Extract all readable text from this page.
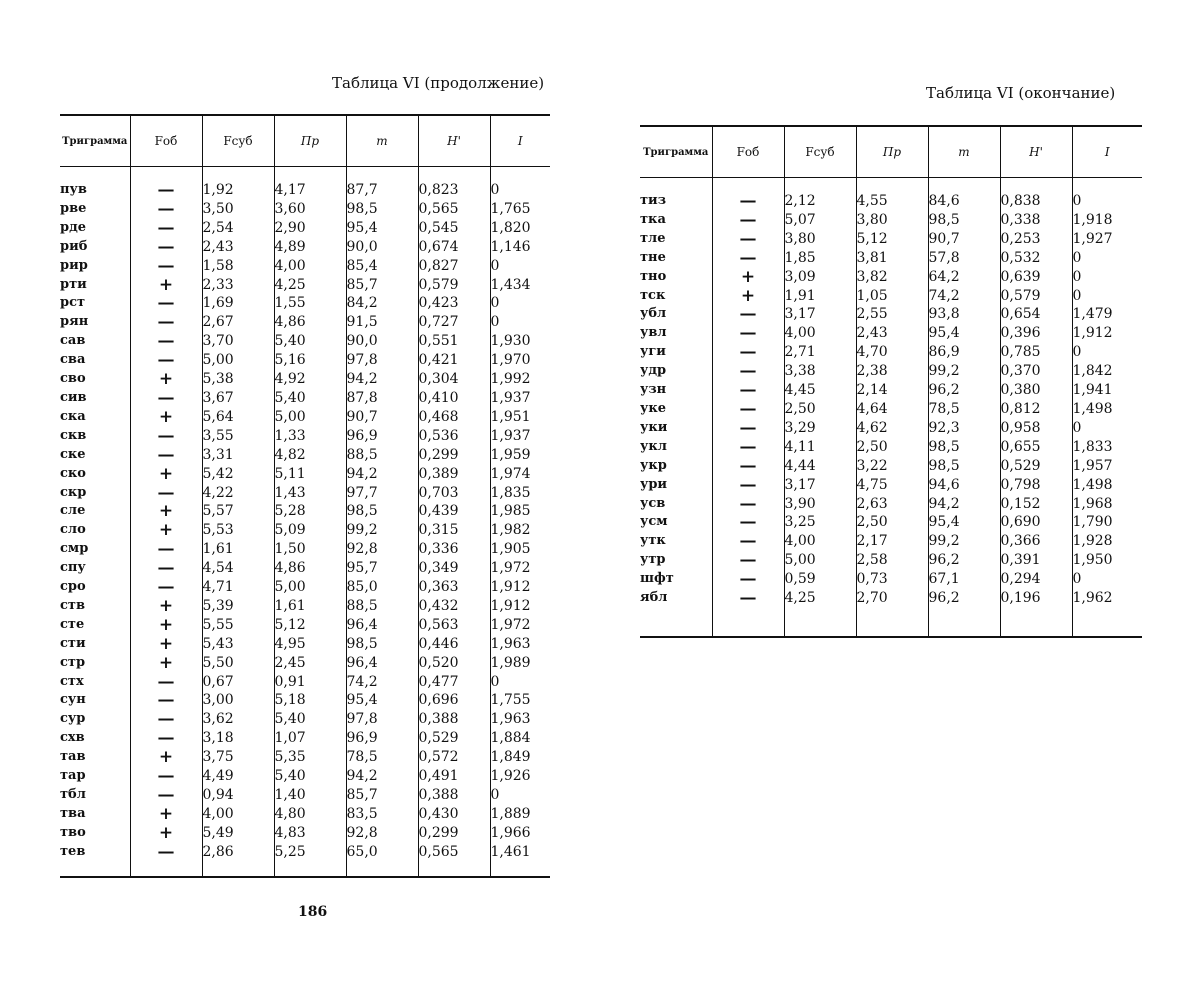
Таблица VI (продолжение)
Триграмма	Fоб	Fсуб	Пр	m	H'	I

пув	—	1,92	4,17	87,7	0,823	0
рве	—	3,50	3,60	98,5	0,565	1,765
рде	—	2,54	2,90	95,4	0,545	1,820
риб	—	2,43	4,89	90,0	0,674	1,146
рир	—	1,58	4,00	85,4	0,827	0
рти	+	2,33	4,25	85,7	0,579	1,434
рст	—	1,69	1,55	84,2	0,423	0
рян	—	2,67	4,86	91,5	0,727	0
сав	—	3,70	5,40	90,0	0,551	1,930
сва	—	5,00	5,16	97,8	0,421	1,970
сво	+	5,38	4,92	94,2	0,304	1,992
сив	—	3,67	5,40	87,8	0,410	1,937
ска	+	5,64	5,00	90,7	0,468	1,951
скв	—	3,55	1,33	96,9	0,536	1,937
ске	—	3,31	4,82	88,5	0,299	1,959
ско	+	5,42	5,11	94,2	0,389	1,974
скр	—	4,22	1,43	97,7	0,703	1,835
сле	+	5,57	5,28	98,5	0,439	1,985
сло	+	5,53	5,09	99,2	0,315	1,982
смр	—	1,61	1,50	92,8	0,336	1,905
спу	—	4,54	4,86	95,7	0,349	1,972
сро	—	4,71	5,00	85,0	0,363	1,912
ств	+	5,39	1,61	88,5	0,432	1,912
сте	+	5,55	5,12	96,4	0,563	1,972
сти	+	5,43	4,95	98,5	0,446	1,963
стр	+	5,50	2,45	96,4	0,520	1,989
стх	—	0,67	0,91	74,2	0,477	0
сун	—	3,00	5,18	95,4	0,696	1,755
сур	—	3,62	5,40	97,8	0,388	1,963
схв	—	3,18	1,07	96,9	0,529	1,884
тав	+	3,75	5,35	78,5	0,572	1,849
тар	—	4,49	5,40	94,2	0,491	1,926
тбл	—	0,94	1,40	85,7	0,388	0
тва	+	4,00	4,80	83,5	0,430	1,889
тво	+	5,49	4,83	92,8	0,299	1,966
тев	—	2,86	5,25	65,0	0,565	1,461

Таблица VI (окончание)
Триграмма	Fоб	Fсуб	Пр	m	H'	I

тиз	—	2,12	4,55	84,6	0,838	0
тка	—	5,07	3,80	98,5	0,338	1,918
тле	—	3,80	5,12	90,7	0,253	1,927
тне	—	1,85	3,81	57,8	0,532	0
тно	+	3,09	3,82	64,2	0,639	0
тск	+	1,91	1,05	74,2	0,579	0
убл	—	3,17	2,55	93,8	0,654	1,479
увл	—	4,00	2,43	95,4	0,396	1,912
уги	—	2,71	4,70	86,9	0,785	0
удр	—	3,38	2,38	99,2	0,370	1,842
узн	—	4,45	2,14	96,2	0,380	1,941
уке	—	2,50	4,64	78,5	0,812	1,498
уки	—	3,29	4,62	92,3	0,958	0
укл	—	4,11	2,50	98,5	0,655	1,833
укр	—	4,44	3,22	98,5	0,529	1,957
ури	—	3,17	4,75	94,6	0,798	1,498
усв	—	3,90	2,63	94,2	0,152	1,968
усм	—	3,25	2,50	95,4	0,690	1,790
утк	—	4,00	2,17	99,2	0,366	1,928
утр	—	5,00	2,58	96,2	0,391	1,950
шфт	—	0,59	0,73	67,1	0,294	0
ябл	—	4,25	2,70	96,2	0,196	1,962

186
